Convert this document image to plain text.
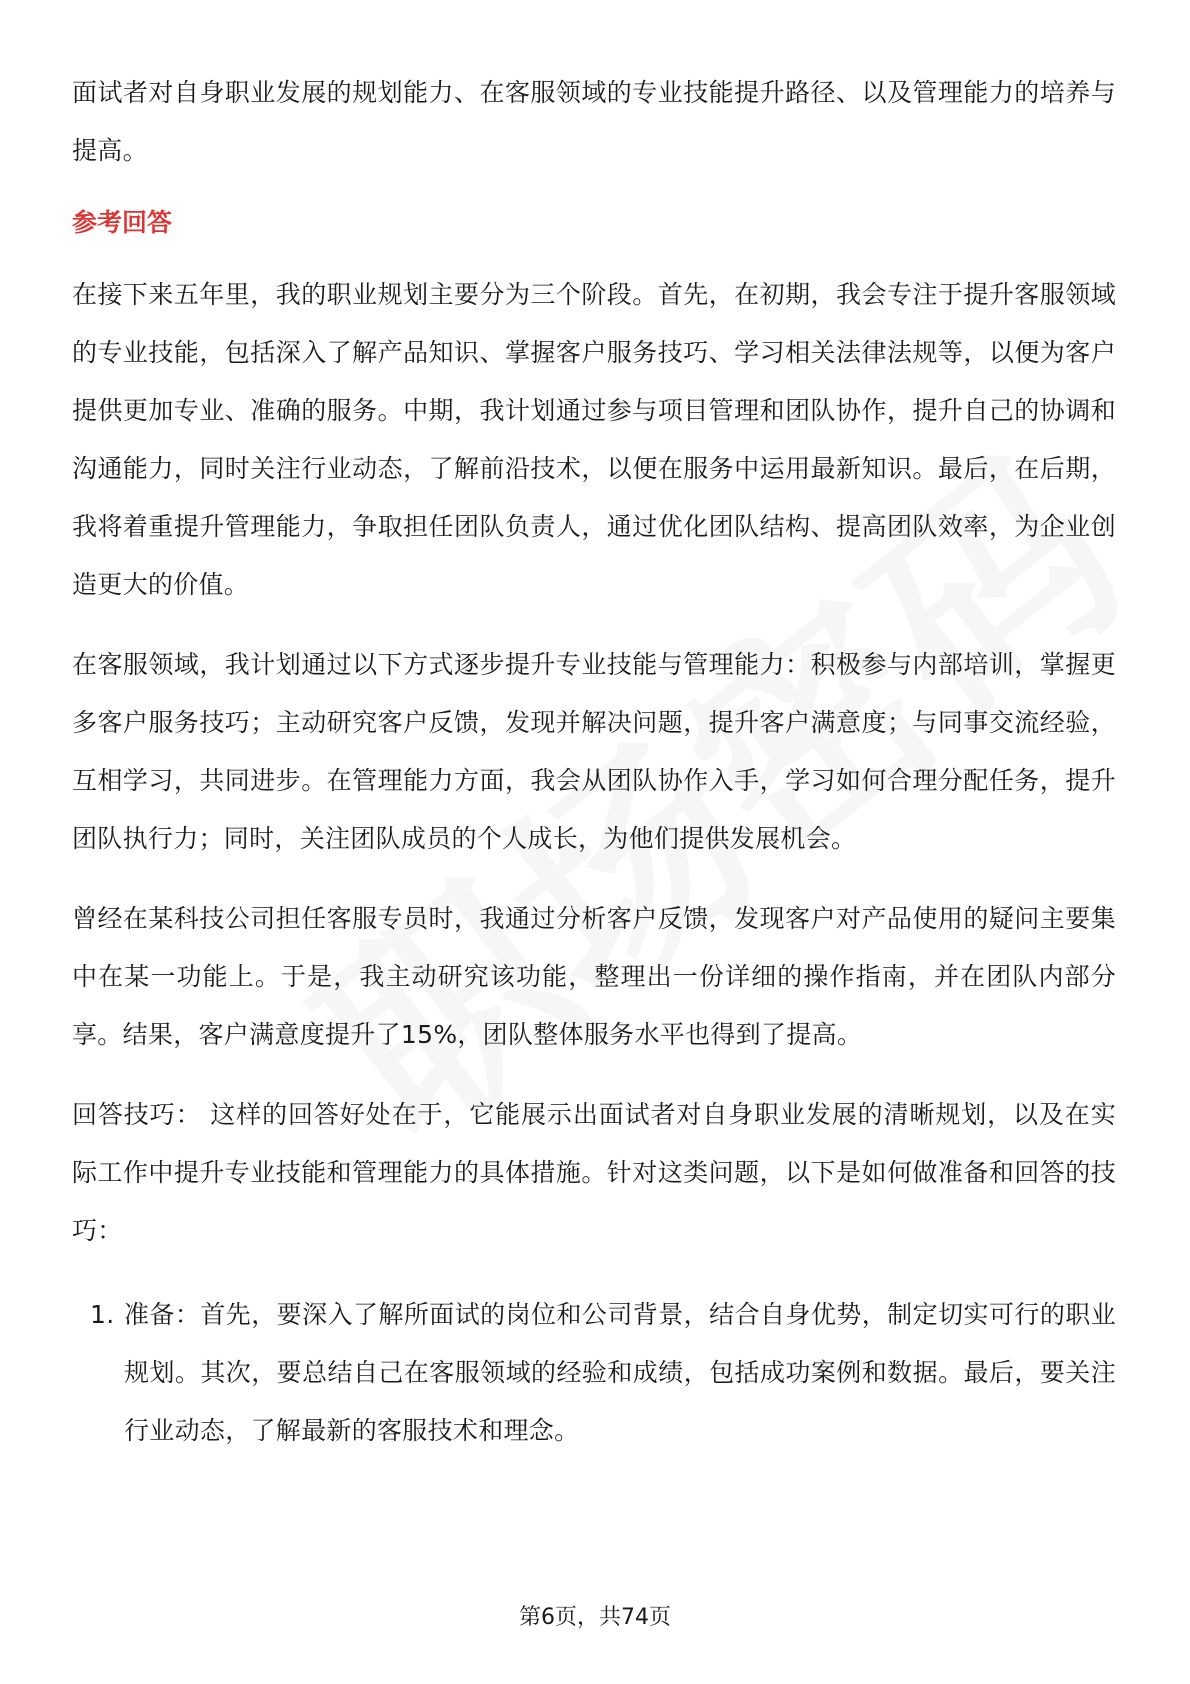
面试者对自身职业发展的规划能力、在客服领域的专业技能提升路径、以及管理能力的培养与提高。

参考回答

在接下来五年里，我的职业规划主要分为三个阶段。首先，在初期，我会专注于提升客服领域的专业技能，包括深入了解产品知识、掌握客户服务技巧、学习相关法律法规等，以便为客户提供更加专业、准确的服务。中期，我计划通过参与项目管理和团队协作，提升自己的协调和沟通能力，同时关注行业动态，了解前沿技术，以便在服务中运用最新知识。最后，在后期，我将着重提升管理能力，争取担任团队负责人，通过优化团队结构、提高团队效率，为企业创造更大的价值。

在客服领域，我计划通过以下方式逐步提升专业技能与管理能力：积极参与内部培训，掌握更多客户服务技巧；主动研究客户反馈，发现并解决问题，提升客户满意度；与同事交流经验，互相学习，共同进步。在管理能力方面，我会从团队协作入手，学习如何合理分配任务，提升团队执行力；同时，关注团队成员的个人成长，为他们提供发展机会。

曾经在某科技公司担任客服专员时，我通过分析客户反馈，发现客户对产品使用的疑问主要集中在某一功能上。于是，我主动研究该功能，整理出一份详细的操作指南，并在团队内部分享。结果，客户满意度提升了15%，团队整体服务水平也得到了提高。

回答技巧： 这样的回答好处在于，它能展示出面试者对自身职业发展的清晰规划，以及在实际工作中提升专业技能和管理能力的具体措施。针对这类问题，以下是如何做准备和回答的技巧：

1. 准备：首先，要深入了解所面试的岗位和公司背景，结合自身优势，制定切实可行的职业规划。其次，要总结自己在客服领域的经验和成绩，包括成功案例和数据。最后，要关注行业动态，了解最新的客服技术和理念。
第6页，共74页
